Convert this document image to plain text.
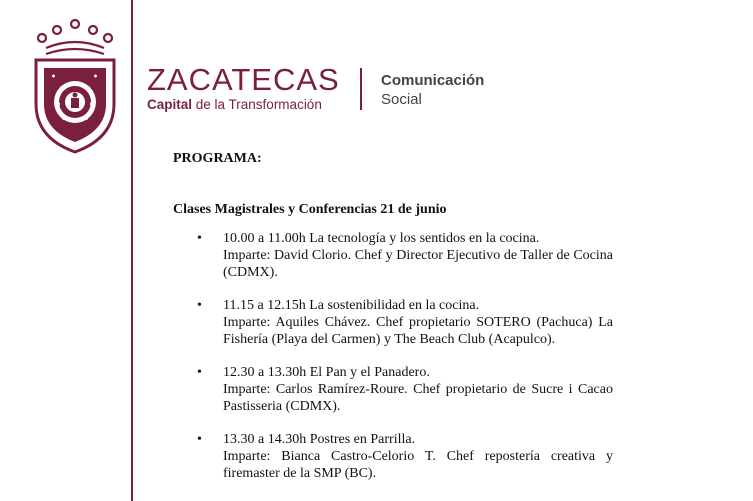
ZACATECAS
Capital de la Transformación
Comunicación
Social

PROGRAMA:

Clases Magistrales y Conferencias 21 de junio

• 10.00 a 11.00h La tecnología y los sentidos en la cocina.

Imparte: David Clorio. Chef y Director Ejecutivo de Taller de Cocina (CDMX).

• 11.15 a 12.15h La sostenibilidad en la cocina.

Imparte: Aquiles Chávez. Chef propietario SOTERO (Pachuca) La Fishería (Playa del Carmen) y The Beach Club (Acapulco).

• 12.30 a 13.30h El Pan y el Panadero.

Imparte: Carlos Ramírez-Roure. Chef propietario de Sucre i Cacao Pastisseria (CDMX).

• 13.30 a 14.30h Postres en Parrilla.

Imparte: Bianca Castro-Celorio T. Chef repostería creativa y firemaster de la SMP (BC).
